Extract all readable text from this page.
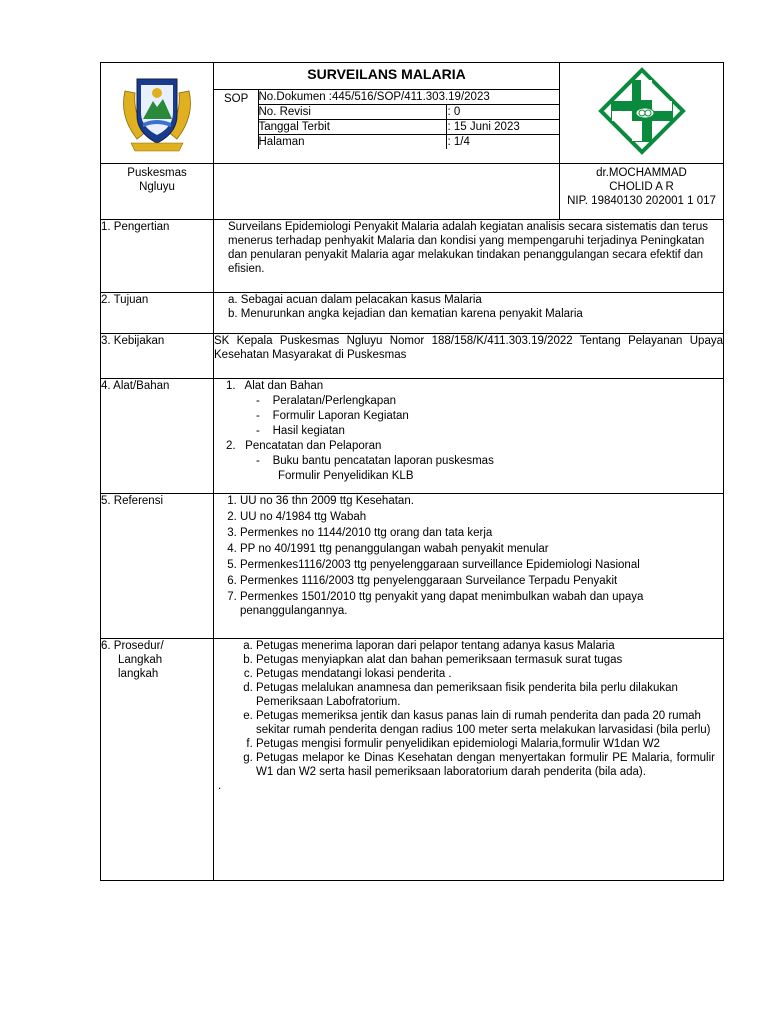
SURVEILANS MALARIA
SOP	No.Dokumen :445/516/SOP/411.303.19/2023
No. Revisi	: 0
Tanggal Terbit	: 15 Juni 2023
Halaman	: 1/4

Puskesmas Ngluyu

dr.MOCHAMMAD CHOLID A R
NIP. 19840130 202001 1 017

1. Pengertian	Surveilans Epidemiologi Penyakit Malaria adalah kegiatan analisis secara sistematis dan terus menerus terhadap penhyakit Malaria dan kondisi yang mempengaruhi terjadinya Peningkatan dan penularan penyakit Malaria agar melakukan tindakan penanggulangan secara efektif dan efisien.
2. Tujuan	a. Sebagai acuan dalam pelacakan kasus Malaria
b. Menurunkan angka kejadian dan kematian karena penyakit Malaria

3. Kebijakan	SK Kepala Puskesmas Ngluyu Nomor 188/158/K/411.303.19/2022 Tentang Pelayanan Upaya Kesehatan Masyarakat di Puskesmas
4. Alat/Bahan	1.   Alat dan Bahan
-    Peralatan/Perlengkapan
-    Formulir Laporan Kegiatan
-    Hasil kegiatan
2.   Pencatatan dan Pelaporan
-    Buku bantu pencatatan laporan puskesmas
Formulir Penyelidikan KLB

5. Referensi	
1.UU no 36 thn 2009 ttg Kesehatan.
2. UU no 4/1984 ttg Wabah
3. Permenkes no 1144/2010 ttg orang dan tata kerja
4. PP no 40/1991 ttg penanggulangan wabah penyakit menular
5. Permenkes1116/2003 ttg penyelenggaraan surveillance Epidemiologi Nasional
6. Permenkes 1116/2003 ttg penyelenggaraan Surveilance Terpadu Penyakit
7. Permenkes 1501/2010 ttg penyakit yang dapat menimbulkan wabah dan upaya penanggulangannya.

6. Prosedur/
Langkah
langkah

a. Petugas menerima laporan dari pelapor tentang adanya kasus Malaria
b. Petugas menyiapkan alat dan bahan pemeriksaan termasuk surat tugas
c. Petugas mendatangi lokasi penderita .
d. Petugas melalukan anamnesa dan pemeriksaan fisik penderita bila perlu dilakukan Pemeriksaan Labofratorium.
e. Petugas memeriksa jentik dan kasus panas lain di rumah penderita dan pada 20 rumah sekitar rumah penderita dengan radius 100 meter serta melakukan larvasidasi (bila perlu)
f. Petugas mengisi formulir penyelidikan epidemiologi Malaria,formulir W1dan W2
g. Petugas melapor ke Dinas Kesehatan dengan menyertakan formulir PE Malaria, formulir W1 dan W2 serta hasil pemeriksaan laboratorium darah penderita (bila ada).
.
